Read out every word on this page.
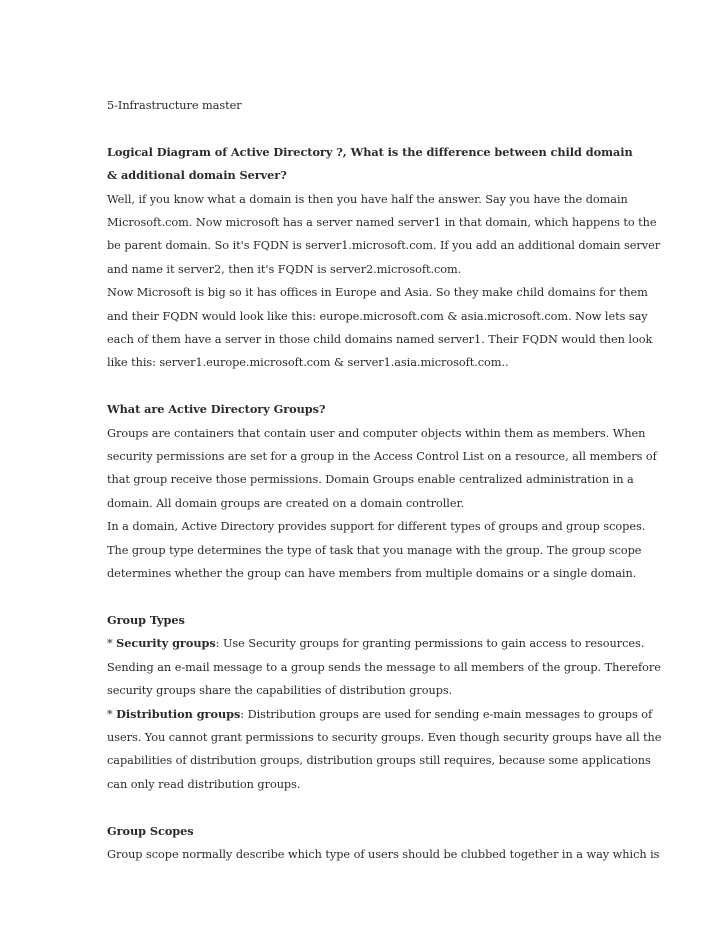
5-Infrastructure master
Logical Diagram of Active Directory ?, What is the difference between child domain
& additional domain Server?
Well, if you know what a domain is then you have half the answer. Say you have the domain
Microsoft.com. Now microsoft has a server named server1 in that domain, which happens to the
be parent domain. So it's FQDN is server1.microsoft.com. If you add an additional domain server
and name it server2, then it's FQDN is server2.microsoft.com.
Now Microsoft is big so it has offices in Europe and Asia. So they make child domains for them
and their FQDN would look like this: europe.microsoft.com & asia.microsoft.com. Now lets say
each of them have a server in those child domains named server1. Their FQDN would then look
like this: server1.europe.microsoft.com & server1.asia.microsoft.com..
What are Active Directory Groups?
Groups are containers that contain user and computer objects within them as members. When
security permissions are set for a group in the Access Control List on a resource, all members of
that group receive those permissions. Domain Groups enable centralized administration in a
domain. All domain groups are created on a domain controller.
In a domain, Active Directory provides support for different types of groups and group scopes.
The group type determines the type of task that you manage with the group. The group scope
determines whether the group can have members from multiple domains or a single domain.
Group Types
* Security groups: Use Security groups for granting permissions to gain access to resources.
Sending an e-mail message to a group sends the message to all members of the group. Therefore
security groups share the capabilities of distribution groups.
* Distribution groups: Distribution groups are used for sending e-main messages to groups of
users. You cannot grant permissions to security groups. Even though security groups have all the
capabilities of distribution groups, distribution groups still requires, because some applications
can only read distribution groups.
Group Scopes
Group scope normally describe which type of users should be clubbed together in a way which is
